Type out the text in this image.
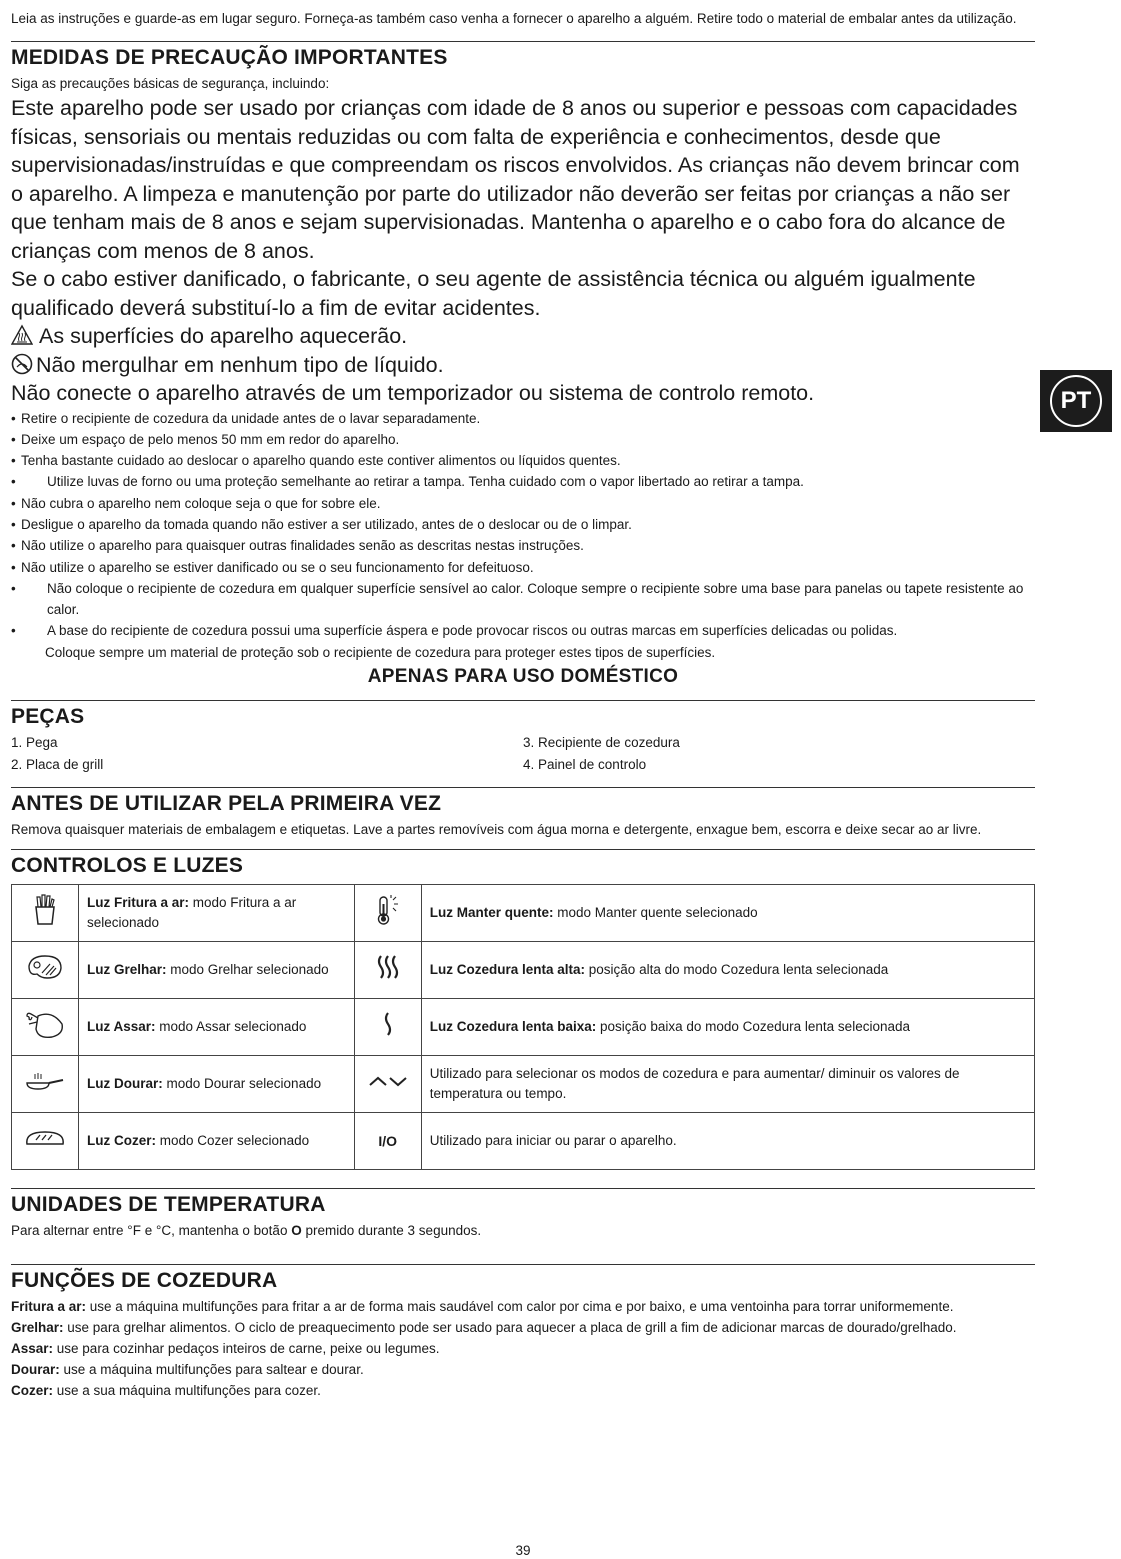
Leia as instruções e guarde-as em lugar seguro. Forneça-as também caso venha a fornecer o aparelho a alguém. Retire todo o material de embalar antes da utilização.

MEDIDAS DE PRECAUÇÃO IMPORTANTES
Siga as precauções básicas de segurança, incluindo:

Este aparelho pode ser usado por crianças com idade de 8 anos ou superior e pessoas com capacidades físicas, sensoriais ou mentais reduzidas ou com falta de experiência e conhecimentos, desde que supervisionadas/instruídas e que compreendam os riscos envolvidos. As crianças não devem brincar com o aparelho. A limpeza e manutenção por parte do utilizador não deverão ser feitas por crianças a não ser que tenham mais de 8 anos e sejam supervisionadas. Mantenha o aparelho e o cabo fora do alcance de crianças com menos de 8 anos.

Se o cabo estiver danificado, o fabricante, o seu agente de assistência técnica ou alguém igualmente qualificado deverá substituí-lo a fim de evitar acidentes.

As superfícies do aparelho aquecerão.

Não mergulhar em nenhum tipo de líquido.

Não conecte o aparelho através de um temporizador ou sistema de controlo remoto.

• Retire o recipiente de cozedura da unidade antes de o lavar separadamente.
• Deixe um espaço de pelo menos 50 mm em redor do aparelho.
• Tenha bastante cuidado ao deslocar o aparelho quando este contiver alimentos ou líquidos quentes.
• Utilize luvas de forno ou uma proteção semelhante ao retirar a tampa. Tenha cuidado com o vapor libertado ao retirar a tampa.
• Não cubra o aparelho nem coloque seja o que for sobre ele.
• Desligue o aparelho da tomada quando não estiver a ser utilizado, antes de o deslocar ou de o limpar.
• Não utilize o aparelho para quaisquer outras finalidades senão as descritas nestas instruções.
• Não utilize o aparelho se estiver danificado ou se o seu funcionamento for defeituoso.
• Não coloque o recipiente de cozedura em qualquer superfície sensível ao calor. Coloque sempre o recipiente sobre uma base para panelas ou tapete resistente ao calor.
• A base do recipiente de cozedura possui uma superfície áspera e pode provocar riscos ou outras marcas em superfícies delicadas ou polidas.
Coloque sempre um material de proteção sob o recipiente de cozedura para proteger estes tipos de superfícies.
APENAS PARA USO DOMÉSTICO
PEÇAS
1. Pega
2. Placa de grill
3. Recipiente de cozedura
4. Painel de controlo
ANTES DE UTILIZAR PELA PRIMEIRA VEZ
Remova quaisquer materiais de embalagem e etiquetas. Lave a partes removíveis com água morna e detergente, enxague bem, escorra e deixe secar ao ar livre.
CONTROLOS E LUZES
	Luz Fritura a ar: modo Fritura a ar selecionado		Luz Manter quente: modo Manter quente selecionado
	Luz Grelhar: modo Grelhar selecionado		Luz Cozedura lenta alta: posição alta do modo Cozedura lenta selecionada
	Luz Assar: modo Assar selecionado		Luz Cozedura lenta baixa: posição baixa do modo Cozedura lenta selecionada
	Luz Dourar: modo Dourar selecionado		Utilizado para selecionar os modos de cozedura e para aumentar/ diminuir os valores de temperatura ou tempo.
	Luz Cozer: modo Cozer selecionado	I/O	Utilizado para iniciar ou parar o aparelho.
UNIDADES DE TEMPERATURA
Para alternar entre °F e °C, mantenha o botão O premido durante 3 segundos.
FUNÇÕES DE COZEDURA

Fritura a ar: use a máquina multifunções para fritar a ar de forma mais saudável com calor por cima e por baixo, e uma ventoinha para torrar uniformemente.

Grelhar: use para grelhar alimentos. O ciclo de preaquecimento pode ser usado para aquecer a placa de grill a fim de adicionar marcas de dourado/grelhado.

Assar: use para cozinhar pedaços inteiros de carne, peixe ou legumes.

Dourar: use a máquina multifunções para saltear e dourar.

Cozer: use a sua máquina multifunções para cozer.

39
PT
